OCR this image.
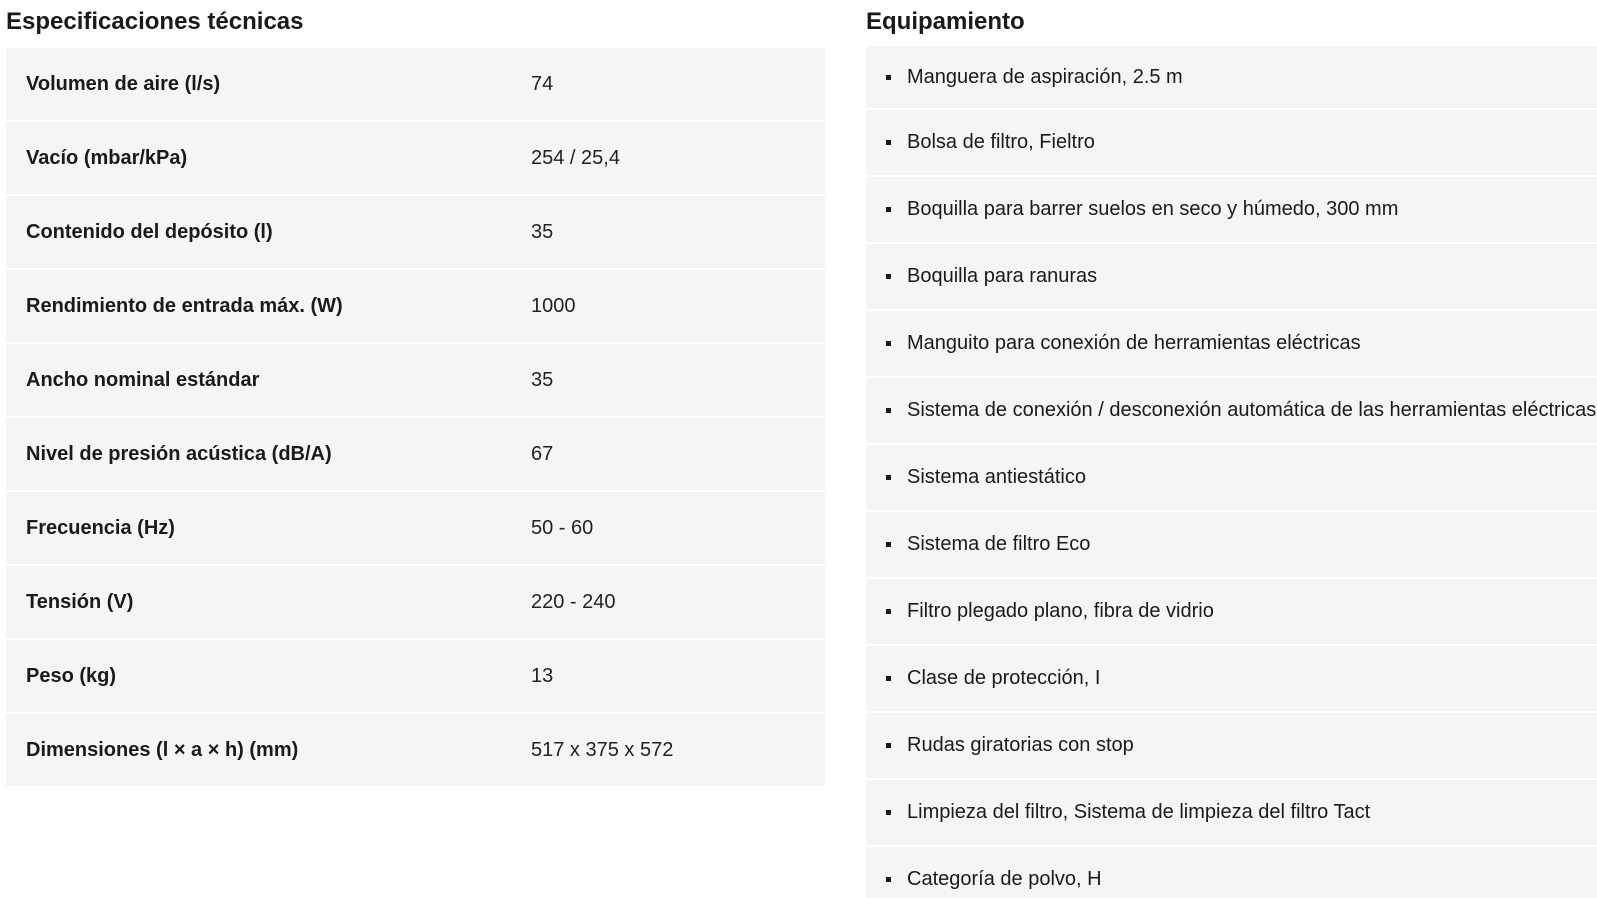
Especificaciones técnicas
Volumen de aire (l/s)	74
Vacío (mbar/kPa)	254 / 25,4
Contenido del depósito (l)	35
Rendimiento de entrada máx. (W)	1000
Ancho nominal estándar	35
Nivel de presión acústica (dB/A)	67
Frecuencia (Hz)	50 - 60
Tensión (V)	220 - 240
Peso (kg)	13
Dimensiones (l × a × h) (mm)	517 x 375 x 572
Equipamiento
Manguera de aspiración, 2.5 m
Bolsa de filtro, Fieltro
Boquilla para barrer suelos en seco y húmedo, 300 mm
Boquilla para ranuras
Manguito para conexión de herramientas eléctricas
Sistema de conexión / desconexión automática de las herramientas eléctricas
Sistema antiestático
Sistema de filtro Eco
Filtro plegado plano, fibra de vidrio
Clase de protección, I
Rudas giratorias con stop
Limpieza del filtro, Sistema de limpieza del filtro Tact
Categoría de polvo, H
